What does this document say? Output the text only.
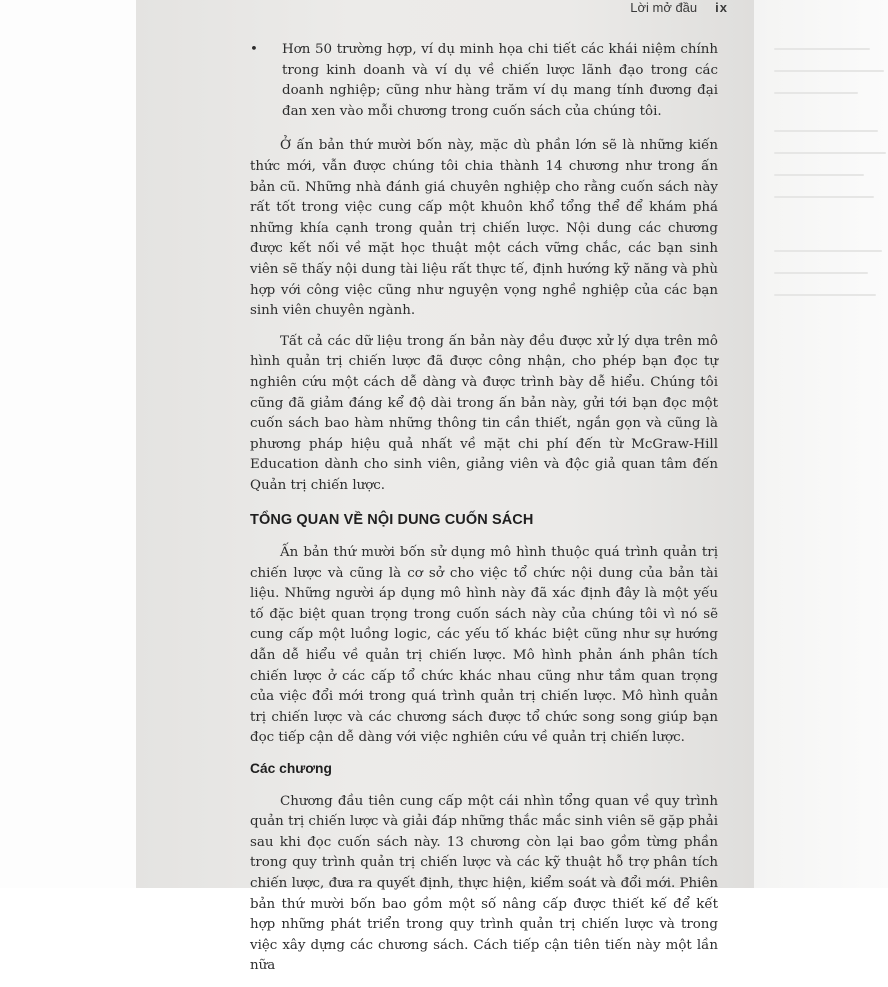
Lời mở đầu ix
• Hơn 50 trường hợp, ví dụ minh họa chi tiết các khái niệm chính trong kinh doanh và ví dụ về chiến lược lãnh đạo trong các doanh nghiệp; cũng như hàng trăm ví dụ mang tính đương đại đan xen vào mỗi chương trong cuốn sách của chúng tôi.

Ở ấn bản thứ mười bốn này, mặc dù phần lớn sẽ là những kiến thức mới, vẫn được chúng tôi chia thành 14 chương như trong ấn bản cũ. Những nhà đánh giá chuyên nghiệp cho rằng cuốn sách này rất tốt trong việc cung cấp một khuôn khổ tổng thể để khám phá những khía cạnh trong quản trị chiến lược. Nội dung các chương được kết nối về mặt học thuật một cách vững chắc, các bạn sinh viên sẽ thấy nội dung tài liệu rất thực tế, định hướng kỹ năng và phù hợp với công việc cũng như nguyện vọng nghề nghiệp của các bạn sinh viên chuyên ngành.

Tất cả các dữ liệu trong ấn bản này đều được xử lý dựa trên mô hình quản trị chiến lược đã được công nhận, cho phép bạn đọc tự nghiên cứu một cách dễ dàng và được trình bày dễ hiểu. Chúng tôi cũng đã giảm đáng kể độ dài trong ấn bản này, gửi tới bạn đọc một cuốn sách bao hàm những thông tin cần thiết, ngắn gọn và cũng là phương pháp hiệu quả nhất về mặt chi phí đến từ McGraw-Hill Education dành cho sinh viên, giảng viên và độc giả quan tâm đến Quản trị chiến lược.

TỔNG QUAN VỀ NỘI DUNG CUỐN SÁCH

Ấn bản thứ mười bốn sử dụng mô hình thuộc quá trình quản trị chiến lược và cũng là cơ sở cho việc tổ chức nội dung của bản tài liệu. Những người áp dụng mô hình này đã xác định đây là một yếu tố đặc biệt quan trọng trong cuốn sách này của chúng tôi vì nó sẽ cung cấp một luồng logic, các yếu tố khác biệt cũng như sự hướng dẫn dễ hiểu về quản trị chiến lược. Mô hình phản ánh phân tích chiến lược ở các cấp tổ chức khác nhau cũng như tầm quan trọng của việc đổi mới trong quá trình quản trị chiến lược. Mô hình quản trị chiến lược và các chương sách được tổ chức song song giúp bạn đọc tiếp cận dễ dàng với việc nghiên cứu về quản trị chiến lược.

Các chương

Chương đầu tiên cung cấp một cái nhìn tổng quan về quy trình quản trị chiến lược và giải đáp những thắc mắc sinh viên sẽ gặp phải sau khi đọc cuốn sách này. 13 chương còn lại bao gồm từng phần trong quy trình quản trị chiến lược và các kỹ thuật hỗ trợ phân tích chiến lược, đưa ra quyết định, thực hiện, kiểm soát và đổi mới. Phiên bản thứ mười bốn bao gồm một số nâng cấp được thiết kế để kết hợp những phát triển trong quy trình quản trị chiến lược và trong việc xây dựng các chương sách. Cách tiếp cận tiên tiến này một lần nữa
